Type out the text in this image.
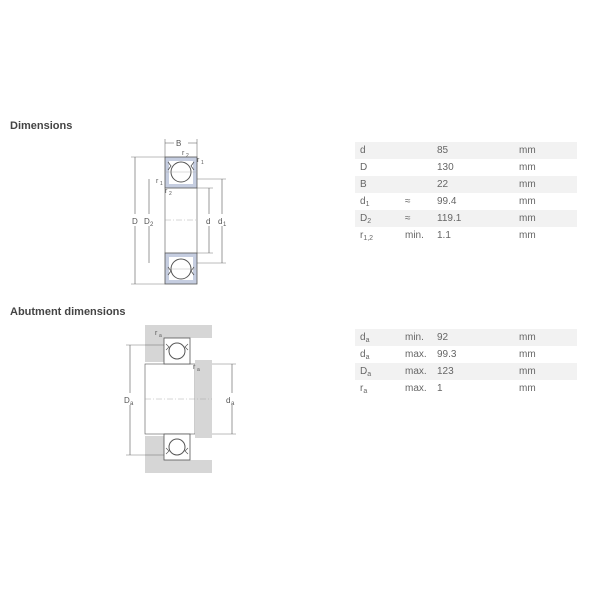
Dimensions
B
D D 2	d d 1
r 2
r 1
r 1
r 2
d		85	mm
D		130	mm
B		22	mm
$d_1$	≈	99.4	mm
$D_2$	≈	119.1	mm
$r_{1,2}$	min.	1.1	mm
Abutment dimensions
r a
r a
D a	d a
$d_a$	min.	92	mm
$d_a$	max.	99.3	mm
$D_a$	max.	123	mm
$r_a$	max.	1	mm
